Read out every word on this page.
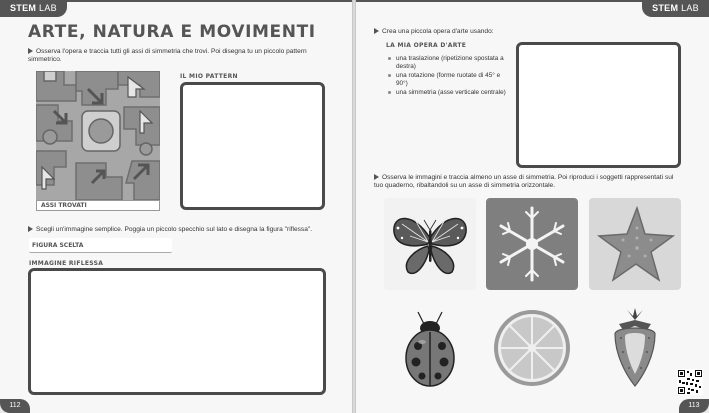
STEM LAB	STEM LAB
ARTE, NATURA E MOVIMENTI
Osserva l'opera e traccia tutti gli assi di simmetria che trovi. Poi disegna tu un piccolo pattern simmetrico.
ASSI TROVATI
IL MIO PATTERN
Scegli un'immagine semplice. Poggia un piccolo specchio sul lato e disegna la figura "riflessa".
FIGURA SCELTA
IMMAGINE RIFLESSA
112
Crea una piccola opera d'arte usando:
LA MIA OPERA D'ARTE
una traslazione (ripetizione spostata a destra)
una rotazione (forme ruotate di 45° e 90°)
una simmetria (asse verticale centrale)
Osserva le immagini e traccia almeno un asse di simmetria. Poi riproduci i soggetti rappresentati sul tuo quaderno, ribaltandoli su un asse di simmetria orizzontale.
113
